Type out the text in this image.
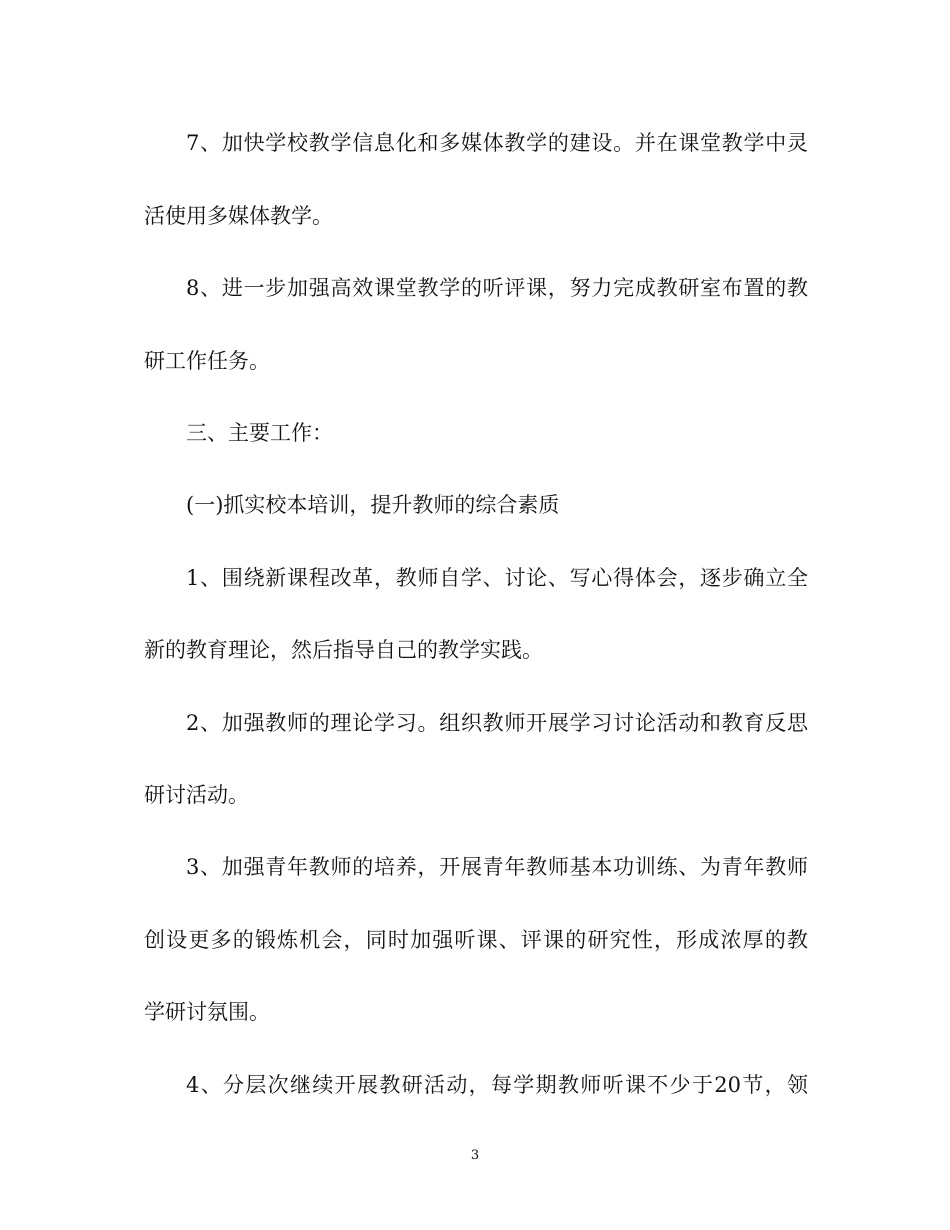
7、加快学校教学信息化和多媒体教学的建设。并在课堂教学中灵
活使用多媒体教学。
8、进一步加强高效课堂教学的听评课，努力完成教研室布置的教
研工作任务。
三、主要工作：
(一)抓实校本培训，提升教师的综合素质
1、围绕新课程改革，教师自学、讨论、写心得体会，逐步确立全
新的教育理论，然后指导自己的教学实践。
2、加强教师的理论学习。组织教师开展学习讨论活动和教育反思
研讨活动。
3、加强青年教师的培养，开展青年教师基本功训练、为青年教师
创设更多的锻炼机会，同时加强听课、评课的研究性，形成浓厚的教
学研讨氛围。
4、分层次继续开展教研活动，每学期教师听课不少于20节，领
3
